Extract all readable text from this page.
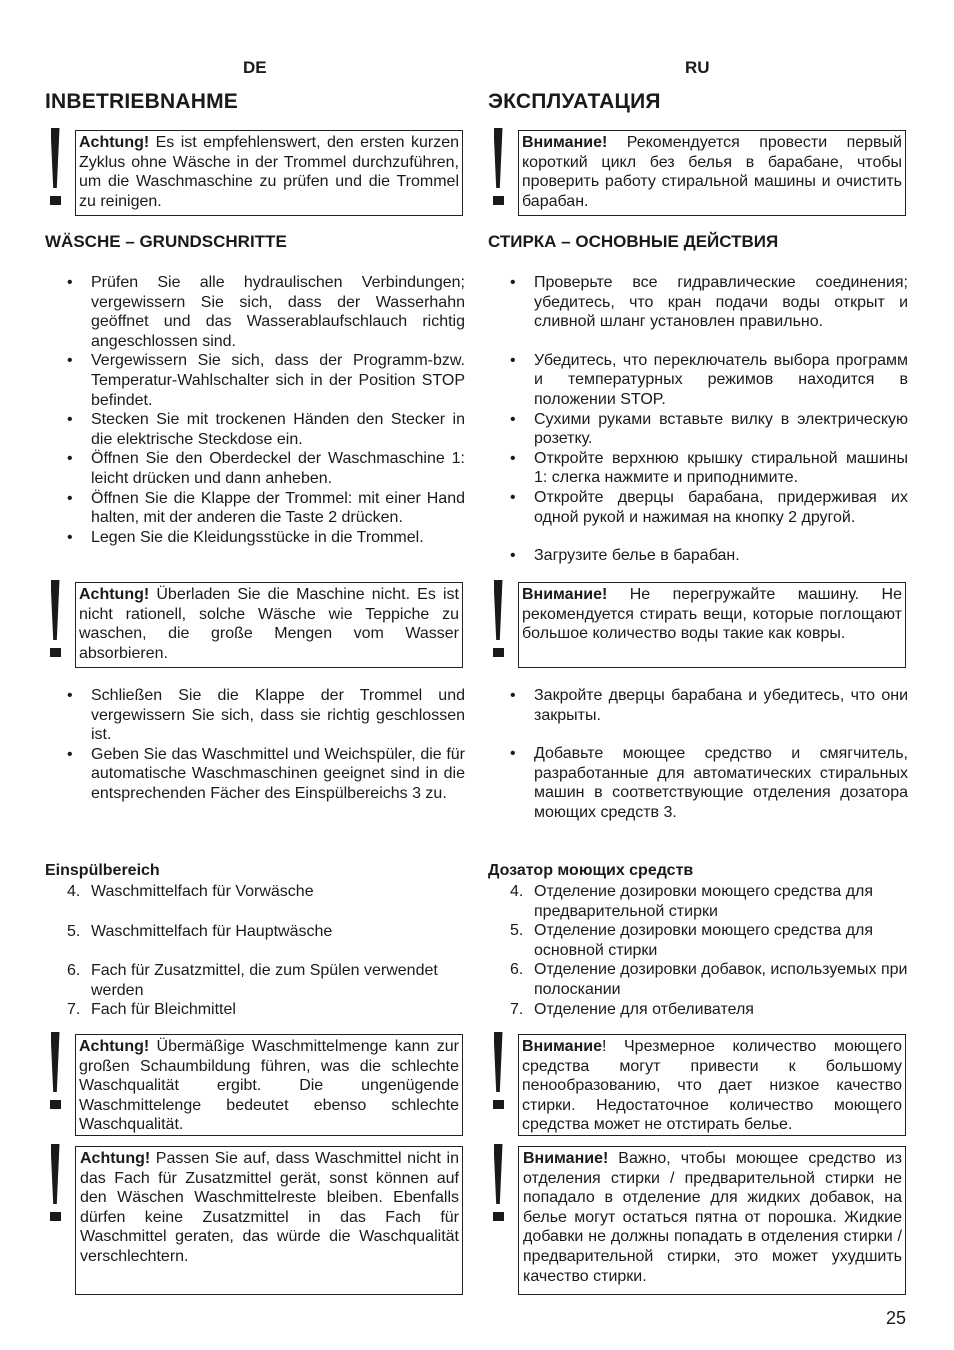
DE
INBETRIEBNAHME
Achtung! Es ist empfehlenswert, den ersten kurzen Zyklus ohne Wäsche in der Trommel durchzuführen, um die Waschmaschine zu prüfen und die Trommel zu reinigen.
WÄSCHE – GRUNDSCHRITTE
• Prüfen Sie alle hydraulischen Verbindungen; vergewissern Sie sich, dass der Wasserhahn geöffnet und das Wasserablaufschlauch richtig angeschlossen sind.
• Vergewissern Sie sich, dass der Programm-bzw. Temperatur-Wahlschalter sich in der Position STOP befindet.
• Stecken Sie mit trockenen Händen den Stecker in die elektrische Steckdose ein.
• Öffnen Sie den Oberdeckel der Waschmaschine 1: leicht drücken und dann anheben.
• Öffnen Sie die Klappe der Trommel: mit einer Hand halten, mit der anderen die Taste 2 drücken.
• Legen Sie die Kleidungsstücke in die Trommel.
Achtung! Überladen Sie die Maschine nicht. Es ist nicht rationell, solche Wäsche wie Teppiche zu waschen, die große Mengen vom Wasser absorbieren.
• Schließen Sie die Klappe der Trommel und vergewissern Sie sich, dass sie richtig geschlossen ist.
• Geben Sie das Waschmittel und Weichspüler, die für automatische Waschmaschinen geeignet sind in die entsprechenden Fächer des Einspülbereichs 3 zu.
Einspülbereich
4. Waschmittelfach für Vorwäsche
5. Waschmittelfach für Hauptwäsche
6. Fach für Zusatzmittel, die zum Spülen verwendet werden
7. Fach für Bleichmittel
Achtung! Übermäßige Waschmittelmenge kann zur großen Schaumbildung führen, was die schlechte Waschqualität ergibt. Die ungenügende Waschmittelenge bedeutet ebenso schlechte Waschqualität.
Achtung! Passen Sie auf, dass Waschmittel nicht in das Fach für Zusatzmittel gerät, sonst können auf den Wäschen Waschmittelreste bleiben. Ebenfalls dürfen keine Zusatzmittel in das Fach für Waschmittel geraten, das würde die Waschqualität verschlechtern.
RU
ЭКСПЛУАТАЦИЯ
Внимание! Рекомендуется провести первый короткий цикл без белья в барабане, чтобы проверить работу стиральной машины и очистить барабан.
СТИРКА – ОСНОВНЫЕ ДЕЙСТВИЯ
• Проверьте все гидравлические соединения; убедитесь, что кран подачи воды открыт и сливной шланг установлен правильно.
• Убедитесь, что переключатель выбора программ и температурных режимов находится в положении STOP.
• Сухими руками вставьте вилку в электрическую розетку.
• Откройте верхнюю крышку стиральной машины 1: слегка нажмите и приподнимите.
• Откройте дверцы барабана, придерживая их одной рукой и нажимая на кнопку 2 другой.
• Загрузите белье в барабан.
Внимание! Не перегружайте машину. Не рекомендуется стирать вещи, которые поглощают большое количество воды такие как ковры.
• Закройте дверцы барабана и убедитесь, что они закрыты.
• Добавьте моющее средство и смягчитель, разработанные для автоматических стиральных машин в соответствующие отделения дозатора моющих средств 3.
Дозатор моющих средств
4. Отделение дозировки моющего средства для предварительной стирки
5. Отделение дозировки моющего средства для основной стирки
6. Отделение дозировки добавок, используемых при полоскании
7. Отделение для отбеливателя
Внимание! Чрезмерное количество моющего средства могут привести к большому пенообразованию, что дает низкое качество стирки. Недостаточное количество моющего средства может не отстирать белье.
Внимание! Важно, чтобы моющее средство из отделения стирки / предварительной стирки не попадало в отделение для жидких добавок, на белье могут остаться пятна от порошка. Жидкие добавки не должны попадать в отделения стирки / предварительной стирки, это может ухудшить качество стирки.
25
